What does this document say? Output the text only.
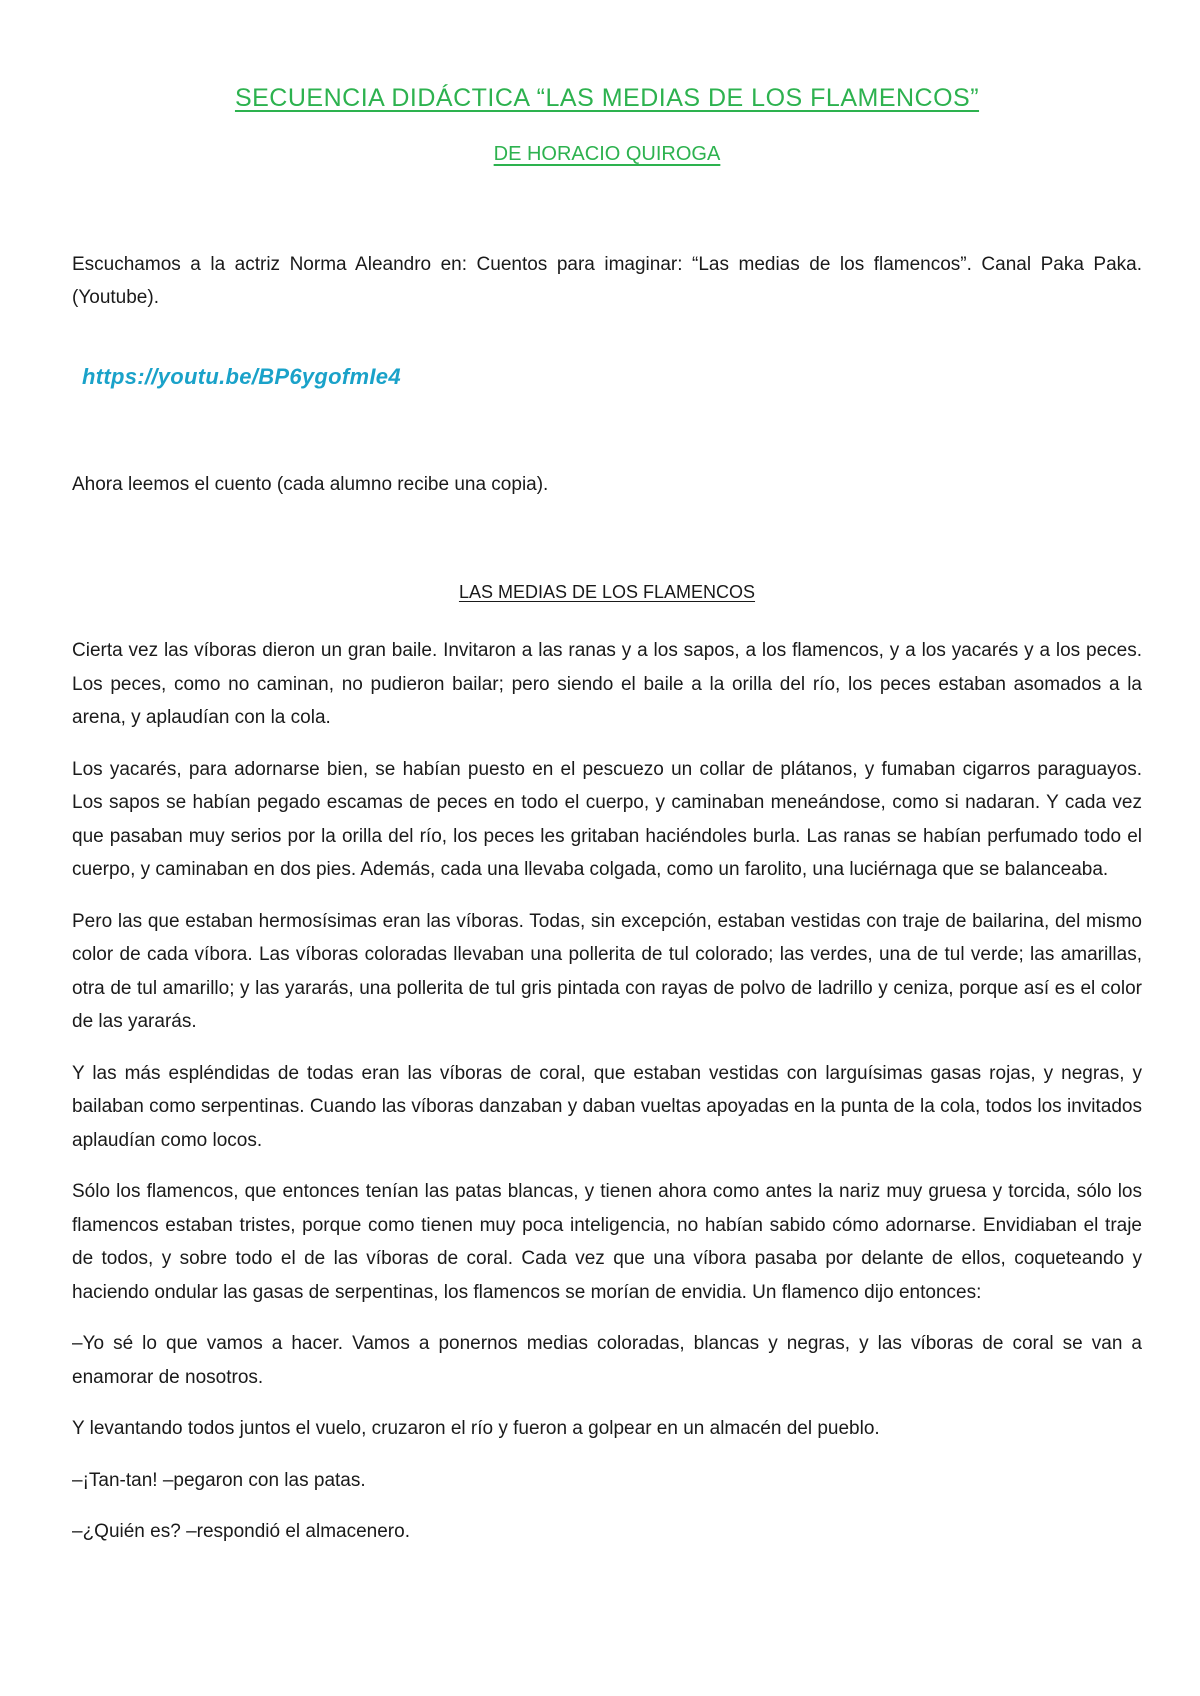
SECUENCIA DIDÁCTICA “LAS MEDIAS DE LOS FLAMENCOS”
DE HORACIO QUIROGA

Escuchamos a la actriz Norma Aleandro en: Cuentos para imaginar: “Las medias de los flamencos”. Canal Paka Paka. (Youtube).

https://youtu.be/BP6ygofmIe4

Ahora leemos el cuento (cada alumno recibe una copia).

LAS MEDIAS DE LOS FLAMENCOS

Cierta vez las víboras dieron un gran baile. Invitaron a las ranas y a los sapos, a los flamencos, y a los yacarés y a los peces. Los peces, como no caminan, no pudieron bailar; pero siendo el baile a la orilla del río, los peces estaban asomados a la arena, y aplaudían con la cola.

Los yacarés, para adornarse bien, se habían puesto en el pescuezo un collar de plátanos, y fumaban cigarros paraguayos. Los sapos se habían pegado escamas de peces en todo el cuerpo, y caminaban meneándose, como si nadaran. Y cada vez que pasaban muy serios por la orilla del río, los peces les gritaban haciéndoles burla. Las ranas se habían perfumado todo el cuerpo, y caminaban en dos pies. Además, cada una llevaba colgada, como un farolito, una luciérnaga que se balanceaba.

Pero las que estaban hermosísimas eran las víboras. Todas, sin excepción, estaban vestidas con traje de bailarina, del mismo color de cada víbora. Las víboras coloradas llevaban una pollerita de tul colorado; las verdes, una de tul verde; las amarillas, otra de tul amarillo; y las yararás, una pollerita de tul gris pintada con rayas de polvo de ladrillo y ceniza, porque así es el color de las yararás.

Y las más espléndidas de todas eran las víboras de coral, que estaban vestidas con larguísimas gasas rojas, y negras, y bailaban como serpentinas. Cuando las víboras danzaban y daban vueltas apoyadas en la punta de la cola, todos los invitados aplaudían como locos.

Sólo los flamencos, que entonces tenían las patas blancas, y tienen ahora como antes la nariz muy gruesa y torcida, sólo los flamencos estaban tristes, porque como tienen muy poca inteligencia, no habían sabido cómo adornarse. Envidiaban el traje de todos, y sobre todo el de las víboras de coral. Cada vez que una víbora pasaba por delante de ellos, coqueteando y haciendo ondular las gasas de serpentinas, los flamencos se morían de envidia. Un flamenco dijo entonces:

–Yo sé lo que vamos a hacer. Vamos a ponernos medias coloradas, blancas y negras, y las víboras de coral se van a enamorar de nosotros.

Y levantando todos juntos el vuelo, cruzaron el río y fueron a golpear en un almacén del pueblo.

–¡Tan-tan! –pegaron con las patas.

–¿Quién es? –respondió el almacenero.
